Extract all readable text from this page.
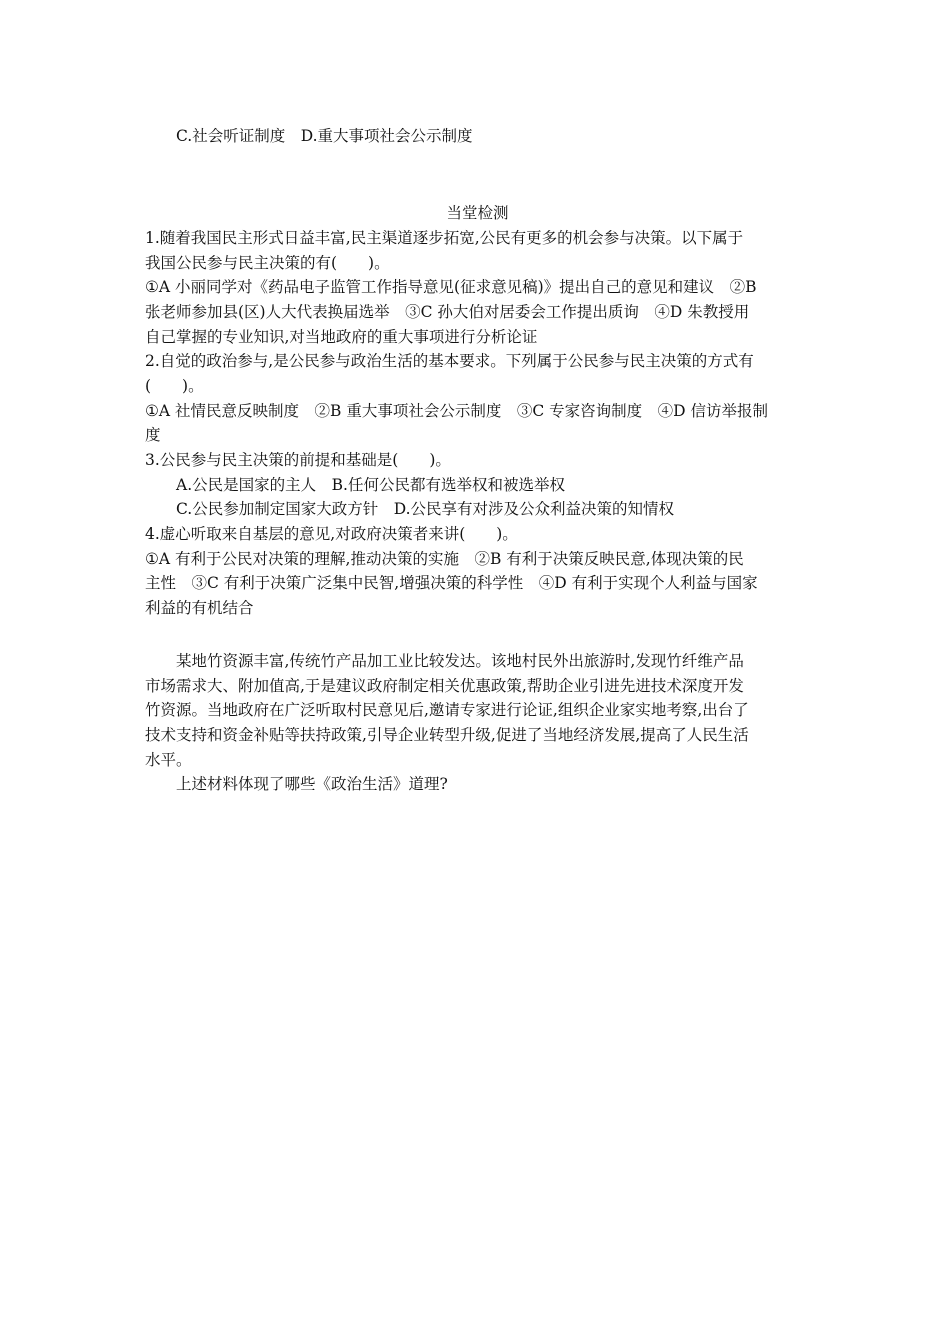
C.社会听证制度　D.重大事项社会公示制度
当堂检测
1.随着我国民主形式日益丰富,民主渠道逐步拓宽,公民有更多的机会参与决策。以下属于
我国公民参与民主决策的有(　　)。
①A 小丽同学对《药品电子监管工作指导意见(征求意见稿)》提出自己的意见和建议　②B
张老师参加县(区)人大代表换届选举　③C 孙大伯对居委会工作提出质询　④D 朱教授用
自己掌握的专业知识,对当地政府的重大事项进行分析论证
2.自觉的政治参与,是公民参与政治生活的基本要求。下列属于公民参与民主决策的方式有
(　　)。
①A 社情民意反映制度　②B 重大事项社会公示制度　③C 专家咨询制度　④D 信访举报制
度
3.公民参与民主决策的前提和基础是(　　)。
A.公民是国家的主人　B.任何公民都有选举权和被选举权
C.公民参加制定国家大政方针　D.公民享有对涉及公众利益决策的知情权
4.虚心听取来自基层的意见,对政府决策者来讲(　　)。
①A 有利于公民对决策的理解,推动决策的实施　②B 有利于决策反映民意,体现决策的民
主性　③C 有利于决策广泛集中民智,增强决策的科学性　④D 有利于实现个人利益与国家
利益的有机结合
某地竹资源丰富,传统竹产品加工业比较发达。该地村民外出旅游时,发现竹纤维产品
市场需求大、附加值高,于是建议政府制定相关优惠政策,帮助企业引进先进技术深度开发
竹资源。当地政府在广泛听取村民意见后,邀请专家进行论证,组织企业家实地考察,出台了
技术支持和资金补贴等扶持政策,引导企业转型升级,促进了当地经济发展,提高了人民生活
水平。
上述材料体现了哪些《政治生活》道理?
